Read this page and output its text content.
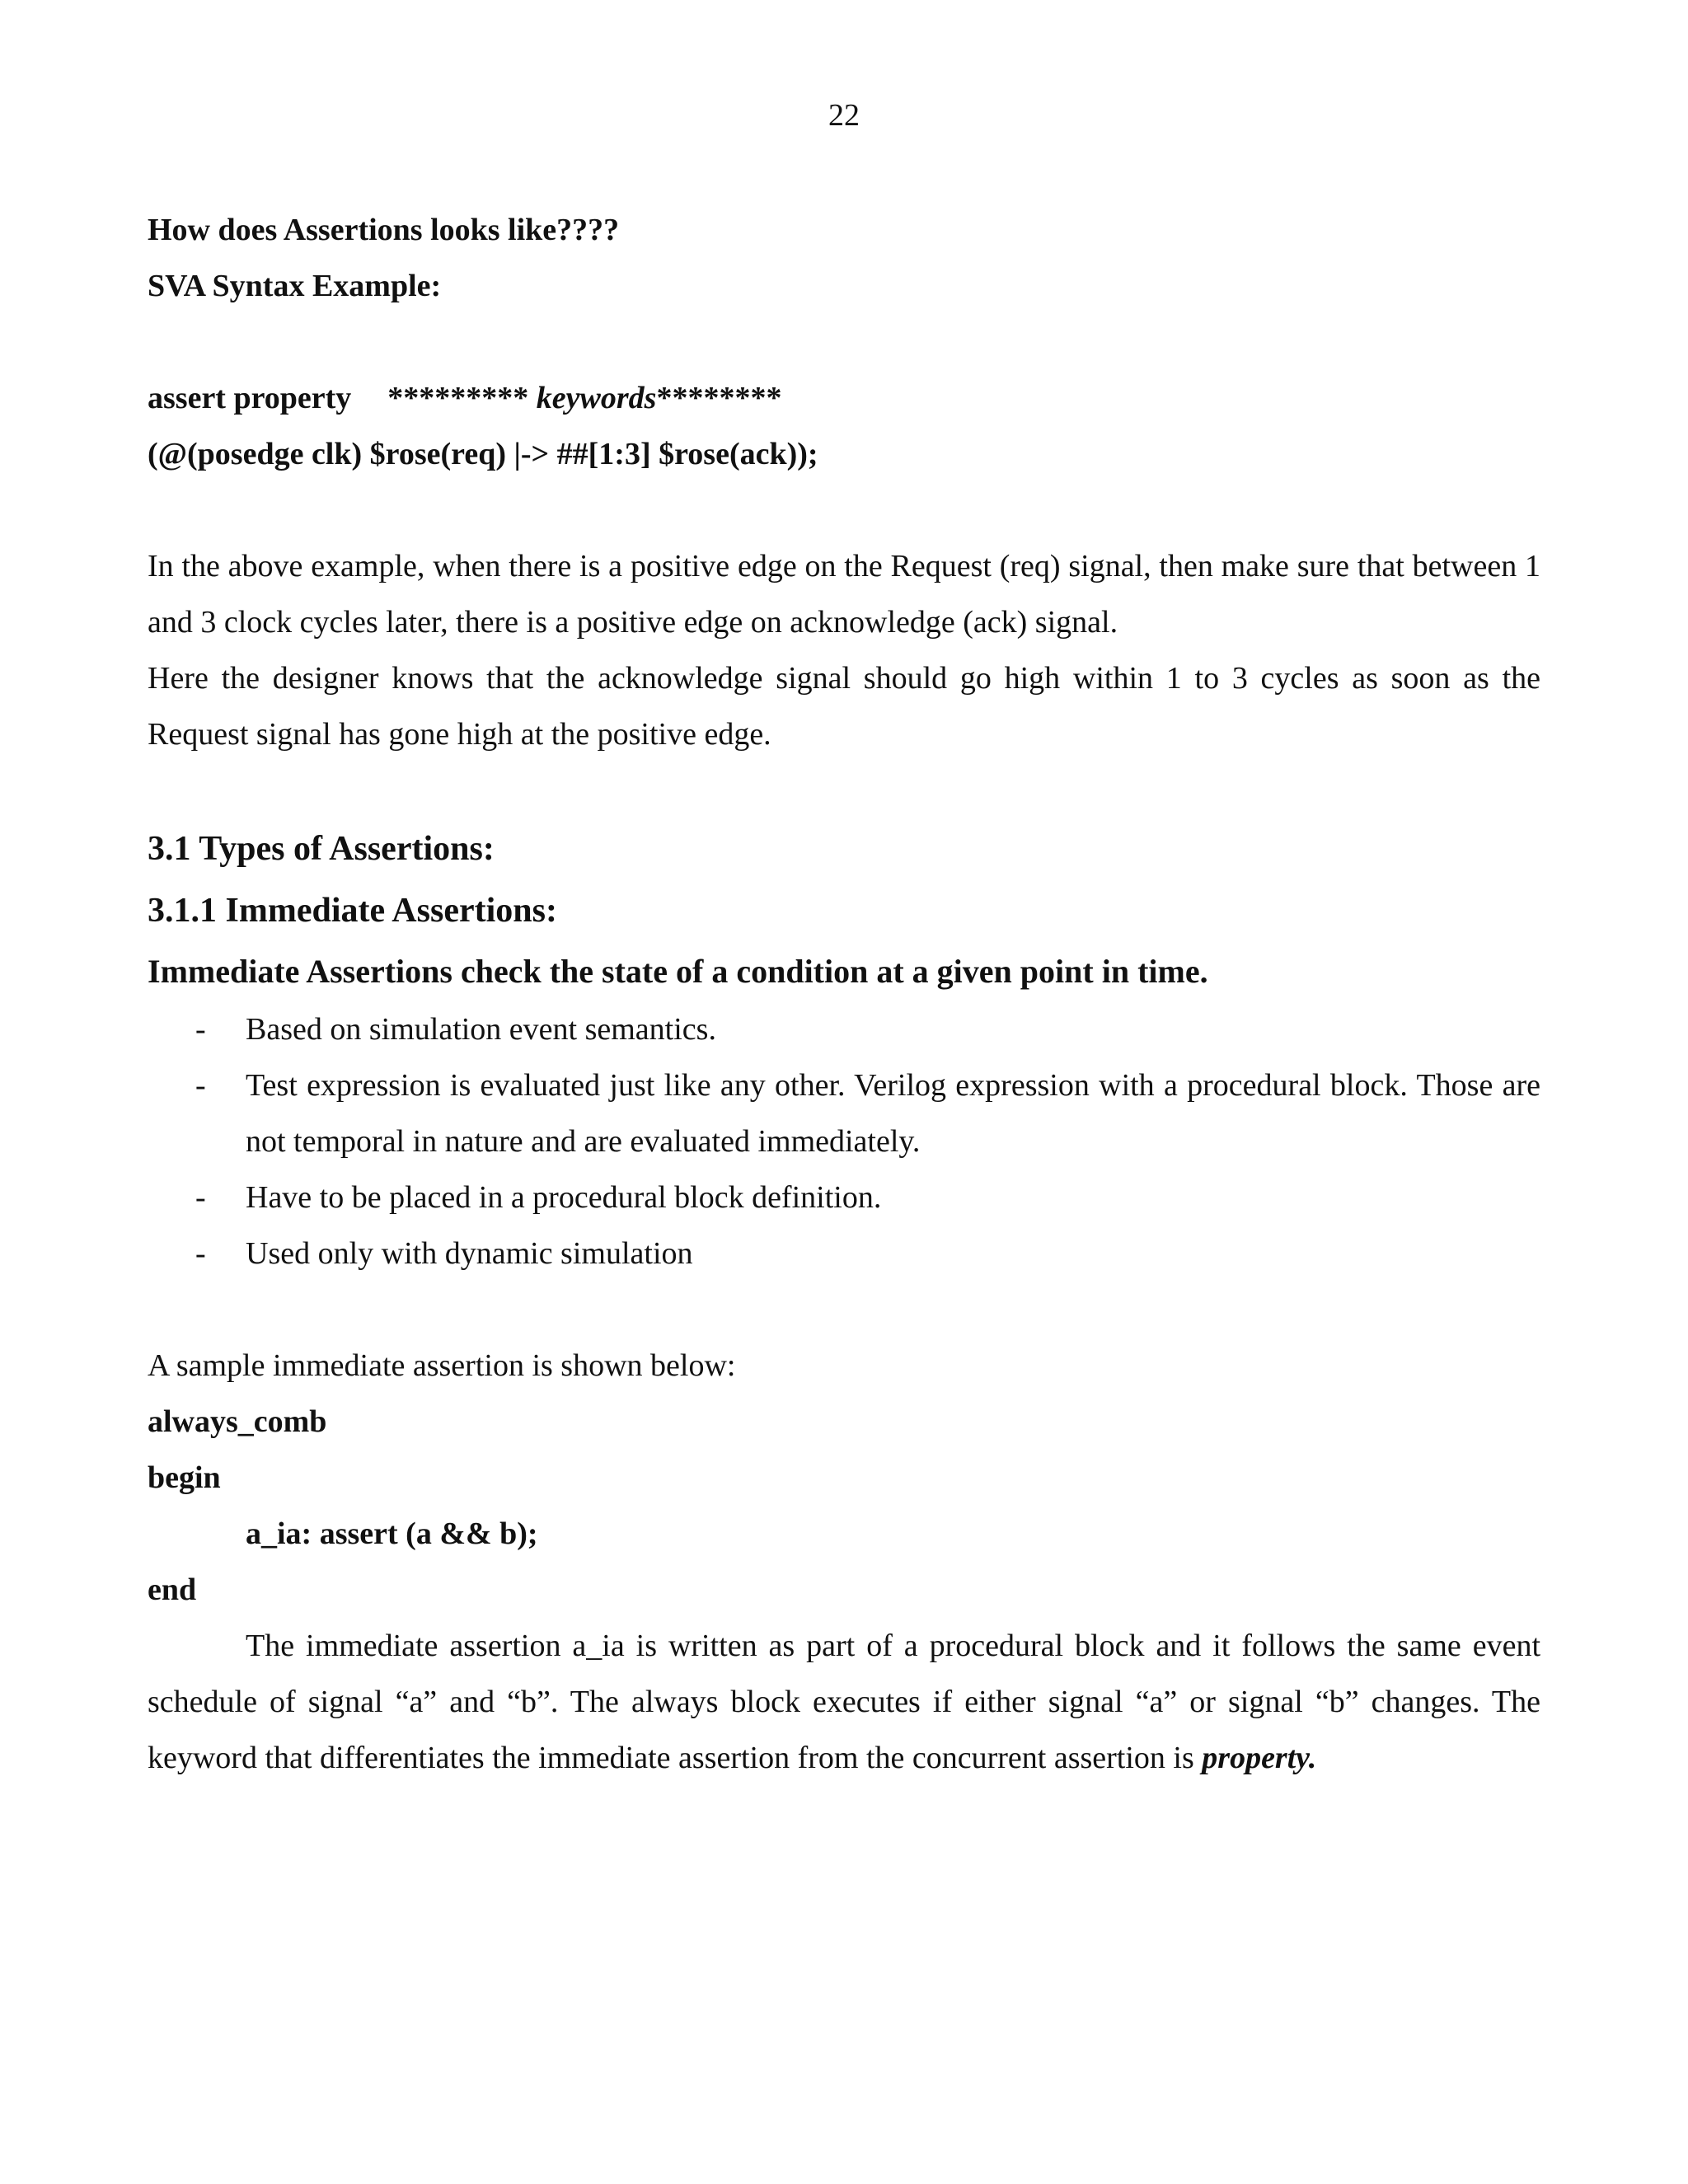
22

How does Assertions looks like????

SVA Syntax Example:

assert property ********* keywords********

(@(posedge clk) $rose(req) |-> ##[1:3] $rose(ack));

In the above example, when there is a positive edge on the Request (req) signal, then make sure that between 1 and 3 clock cycles later, there is a positive edge on acknowledge (ack) signal.

Here the designer knows that the acknowledge signal should go high within 1 to 3 cycles as soon as the Request signal has gone high at the positive edge.

3.1 Types of Assertions:

3.1.1 Immediate Assertions:

Immediate Assertions check the state of a condition at a given point in time.

- Based on simulation event semantics.
- Test expression is evaluated just like any other. Verilog expression with a procedural block. Those are not temporal in nature and are evaluated immediately.
- Have to be placed in a procedural block definition.
- Used only with dynamic simulation

A sample immediate assertion is shown below:

always_comb

begin

a_ia: assert (a && b);

end

The immediate assertion a_ia is written as part of a procedural block and it follows the same event schedule of signal “a” and “b”. The always block executes if either signal “a” or signal “b” changes. The keyword that differentiates the immediate assertion from the concurrent assertion is property.
